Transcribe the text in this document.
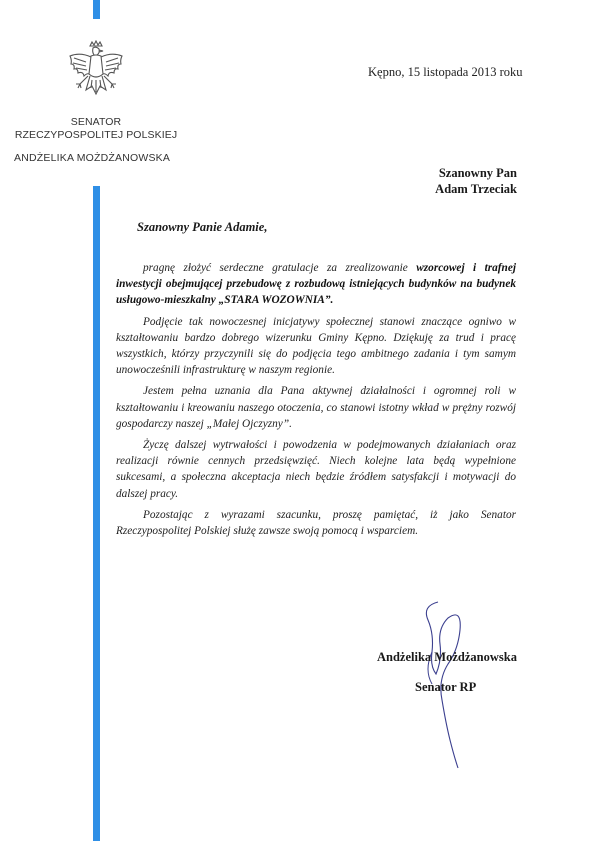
SENATOR
RZECZYPOSPOLITEJ POLSKIEJ
ANDŻELIKA MOŻDŻANOWSKA
Kępno, 15 listopada 2013 roku
Szanowny Pan
Adam Trzeciak
Szanowny Panie Adamie,

pragnę złożyć serdeczne gratulacje za zrealizowanie wzorcowej i trafnej inwestycji obejmującej przebudowę z rozbudową istniejących budynków na budynek usługowo-mieszkalny „STARA WOZOWNIA”.

Podjęcie tak nowoczesnej inicjatywy społecznej stanowi znaczące ogniwo w kształtowaniu bardzo dobrego wizerunku Gminy Kępno. Dziękuję za trud i pracę wszystkich, którzy przyczynili się do podjęcia tego ambitnego zadania i tym samym unowocześnili infrastrukturę w naszym regionie.

Jestem pełna uznania dla Pana aktywnej działalności i ogromnej roli w kształtowaniu i kreowaniu naszego otoczenia, co stanowi istotny wkład w prężny rozwój gospodarczy naszej „Małej Ojczyzny”.

Życzę dalszej wytrwałości i powodzenia w podejmowanych działaniach oraz realizacji równie cennych przedsięwzięć. Niech kolejne lata będą wypełnione sukcesami, a społeczna akceptacja niech będzie źródłem satysfakcji i motywacji do dalszej pracy.

Pozostając z wyrazami szacunku, proszę pamiętać, iż jako Senator Rzeczypospolitej Polskiej służę zawsze swoją pomocą i wsparciem.

Andżelika Możdżanowska
Senator RP
